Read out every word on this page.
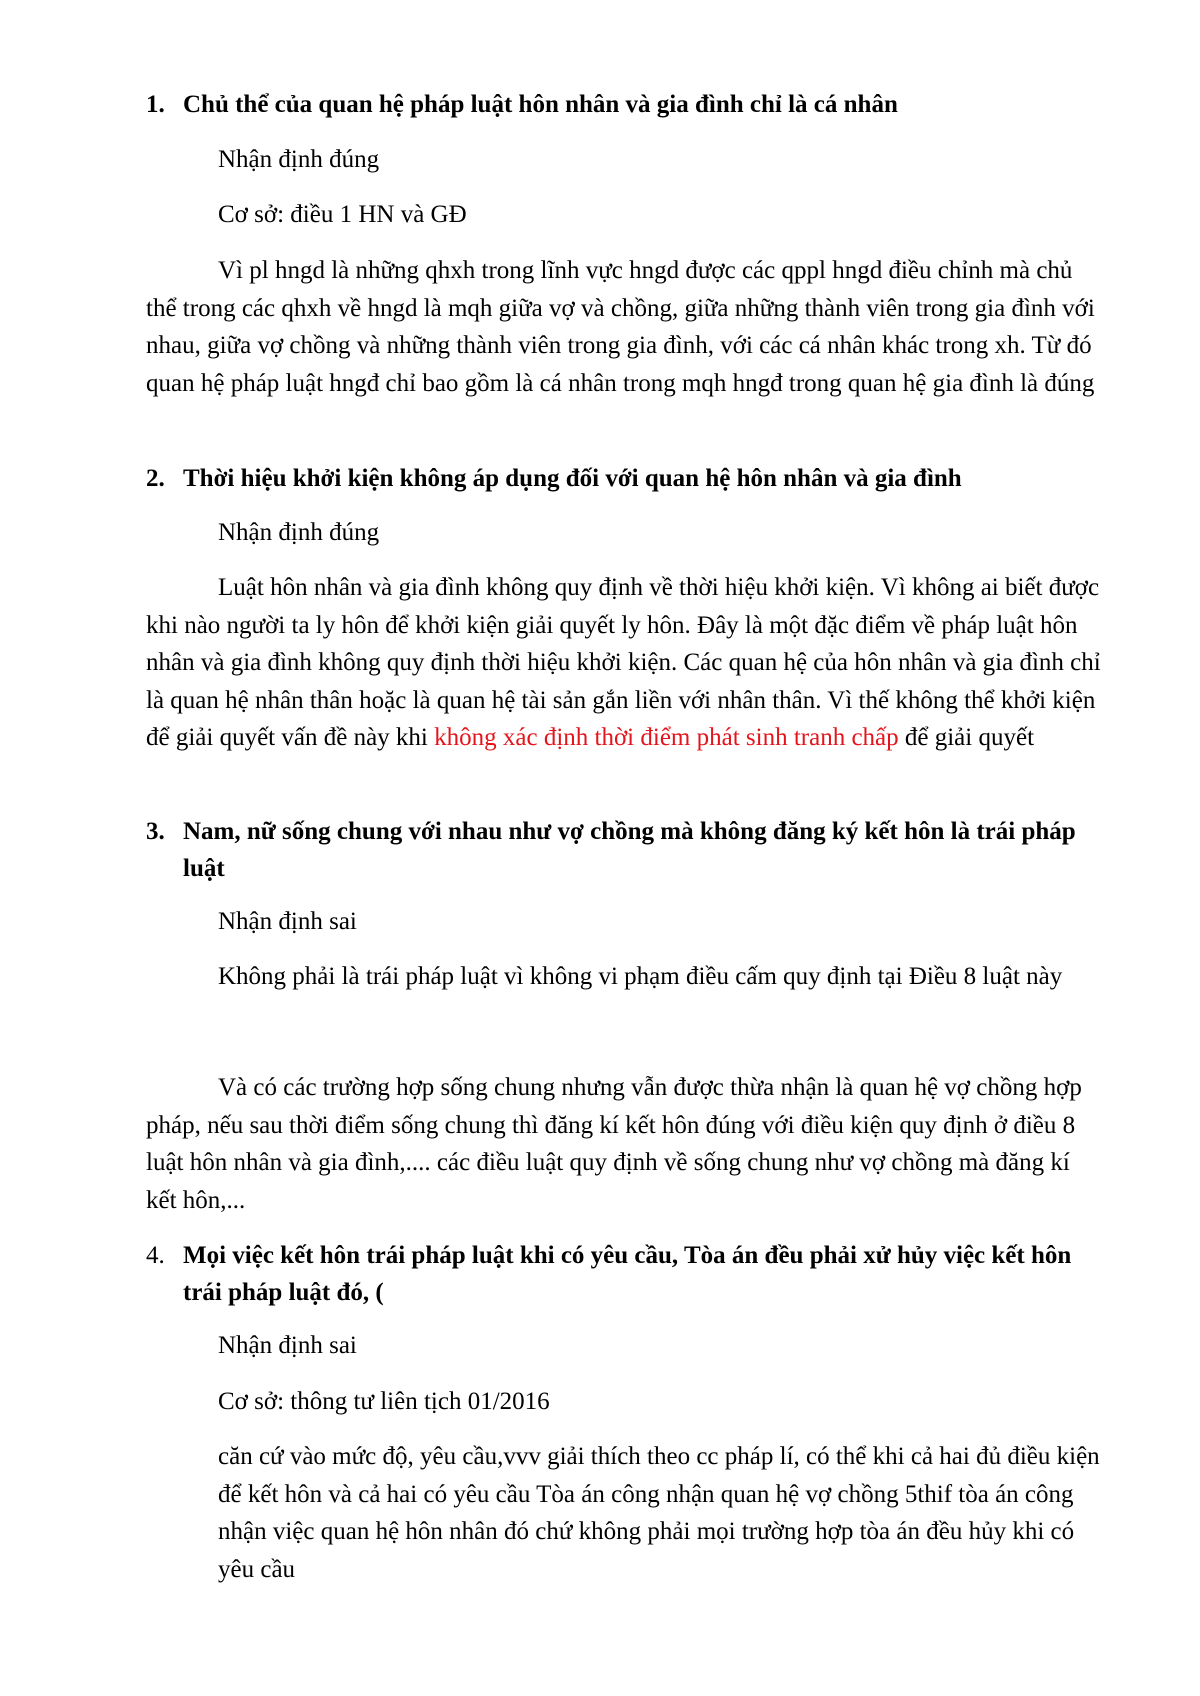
1. Chủ thể của quan hệ pháp luật hôn nhân và gia đình chỉ là cá nhân
Nhận định đúng
Cơ sở: điều 1 HN và GĐ
Vì pl hngd là những qhxh trong lĩnh vực hngd được các qppl hngd điều chỉnh mà chủ thể trong các qhxh về hngd là mqh giữa vợ và chồng, giữa những thành viên trong gia đình với nhau, giữa vợ chồng và những thành viên trong gia đình, với các cá nhân khác trong xh. Từ đó quan hệ pháp luật hngđ chỉ bao gồm là cá nhân trong mqh hngđ trong quan hệ gia đình là đúng
2. Thời hiệu khởi kiện không áp dụng đối với quan hệ hôn nhân và gia đình
Nhận định đúng
Luật hôn nhân và gia đình không quy định về thời hiệu khởi kiện. Vì không ai biết được khi nào người ta ly hôn để khởi kiện giải quyết ly hôn. Đây là một đặc điểm về pháp luật hôn nhân và gia đình không quy định thời hiệu khởi kiện. Các quan hệ của hôn nhân và gia đình chỉ là quan hệ nhân thân hoặc là quan hệ tài sản gắn liền với nhân thân. Vì thế không thể khởi kiện để giải quyết vấn đề này khi không xác định thời điểm phát sinh tranh chấp để giải quyết
3. Nam, nữ sống chung với nhau như vợ chồng mà không đăng ký kết hôn là trái pháp luật
Nhận định sai
Không phải là trái pháp luật vì không vi phạm điều cấm quy định tại Điều 8 luật này
Và có các trường hợp sống chung nhưng vẫn được thừa nhận là quan hệ vợ chồng hợp pháp, nếu sau thời điểm sống chung thì đăng kí kết hôn đúng với điều kiện quy định ở điều 8 luật hôn nhân và gia đình,.... các điều luật quy định về sống chung như vợ chồng mà đăng kí kết hôn,...
4. Mọi việc kết hôn trái pháp luật khi có yêu cầu, Tòa án đều phải xử hủy việc kết hôn trái pháp luật đó, (
Nhận định sai
Cơ sở: thông tư liên tịch 01/2016
căn cứ vào mức độ, yêu cầu,vvv giải thích theo cc pháp lí, có thể khi cả hai đủ điều kiện để kết hôn và cả hai có yêu cầu Tòa án công nhận quan hệ vợ chồng 5thif tòa án công nhận việc quan hệ hôn nhân đó chứ không phải mọi trường hợp tòa án đều hủy khi có yêu cầu
